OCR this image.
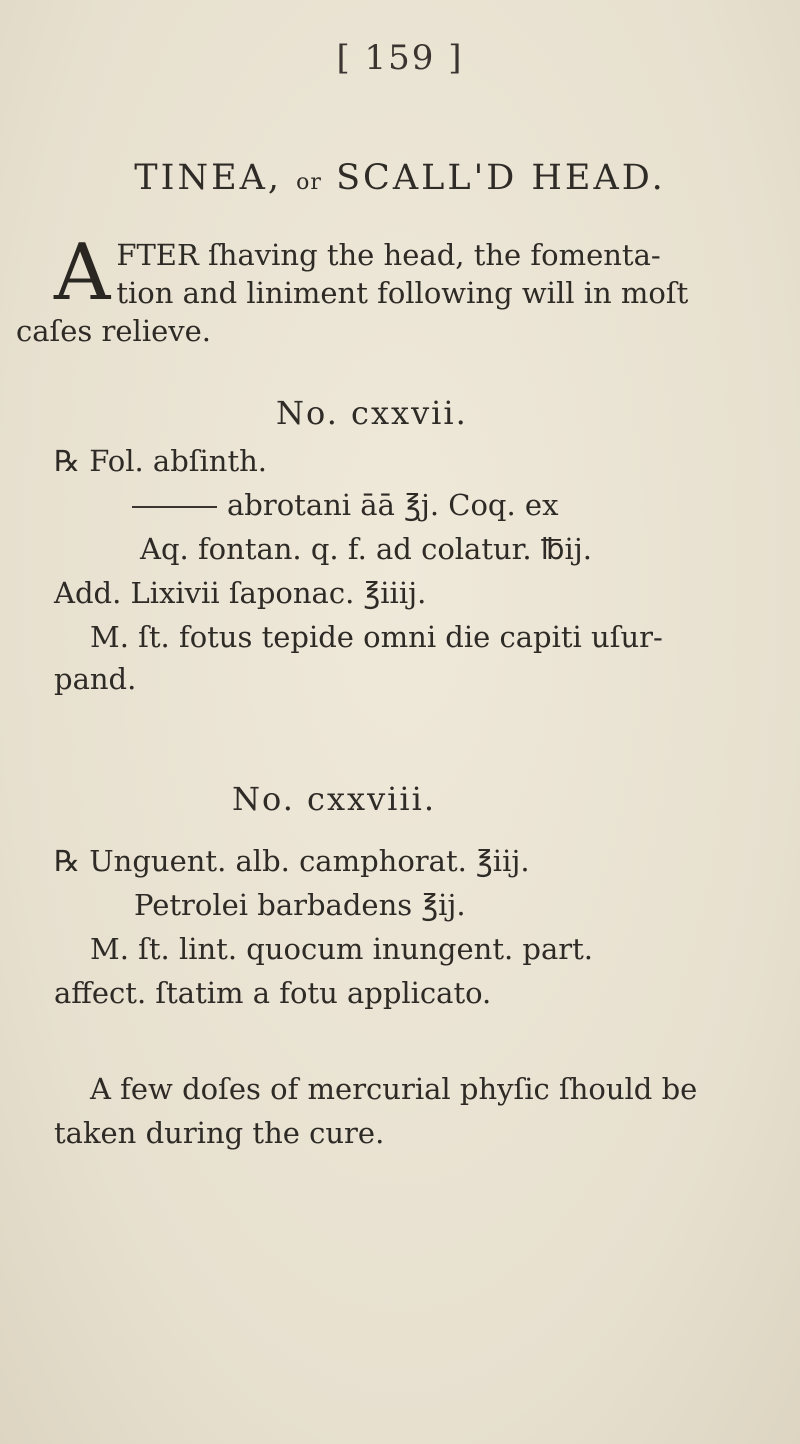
[ 159 ]
TINEA, or SCALL'D HEAD.
A FTER ſhaving the head, the fomenta-
tion and liniment following will in moſt
caſes relieve.
No. cxxvii.
℞ Fol. abſinth.
abrotani āā ℥j. Coq. ex
Aq. fontan. q. f. ad colatur. ℔ij.
Add. Lixivii ſaponac. ℥iiij.
M. ſt. fotus tepide omni die capiti uſur-
pand.
No. cxxviii.
℞ Unguent. alb. camphorat. ℥iij.
Petrolei barbadens ℥ij.
M. ſt. lint. quocum inungent. part.
affect. ſtatim a fotu applicato.
A few doſes of mercurial phyſic ſhould be
taken during the cure.
